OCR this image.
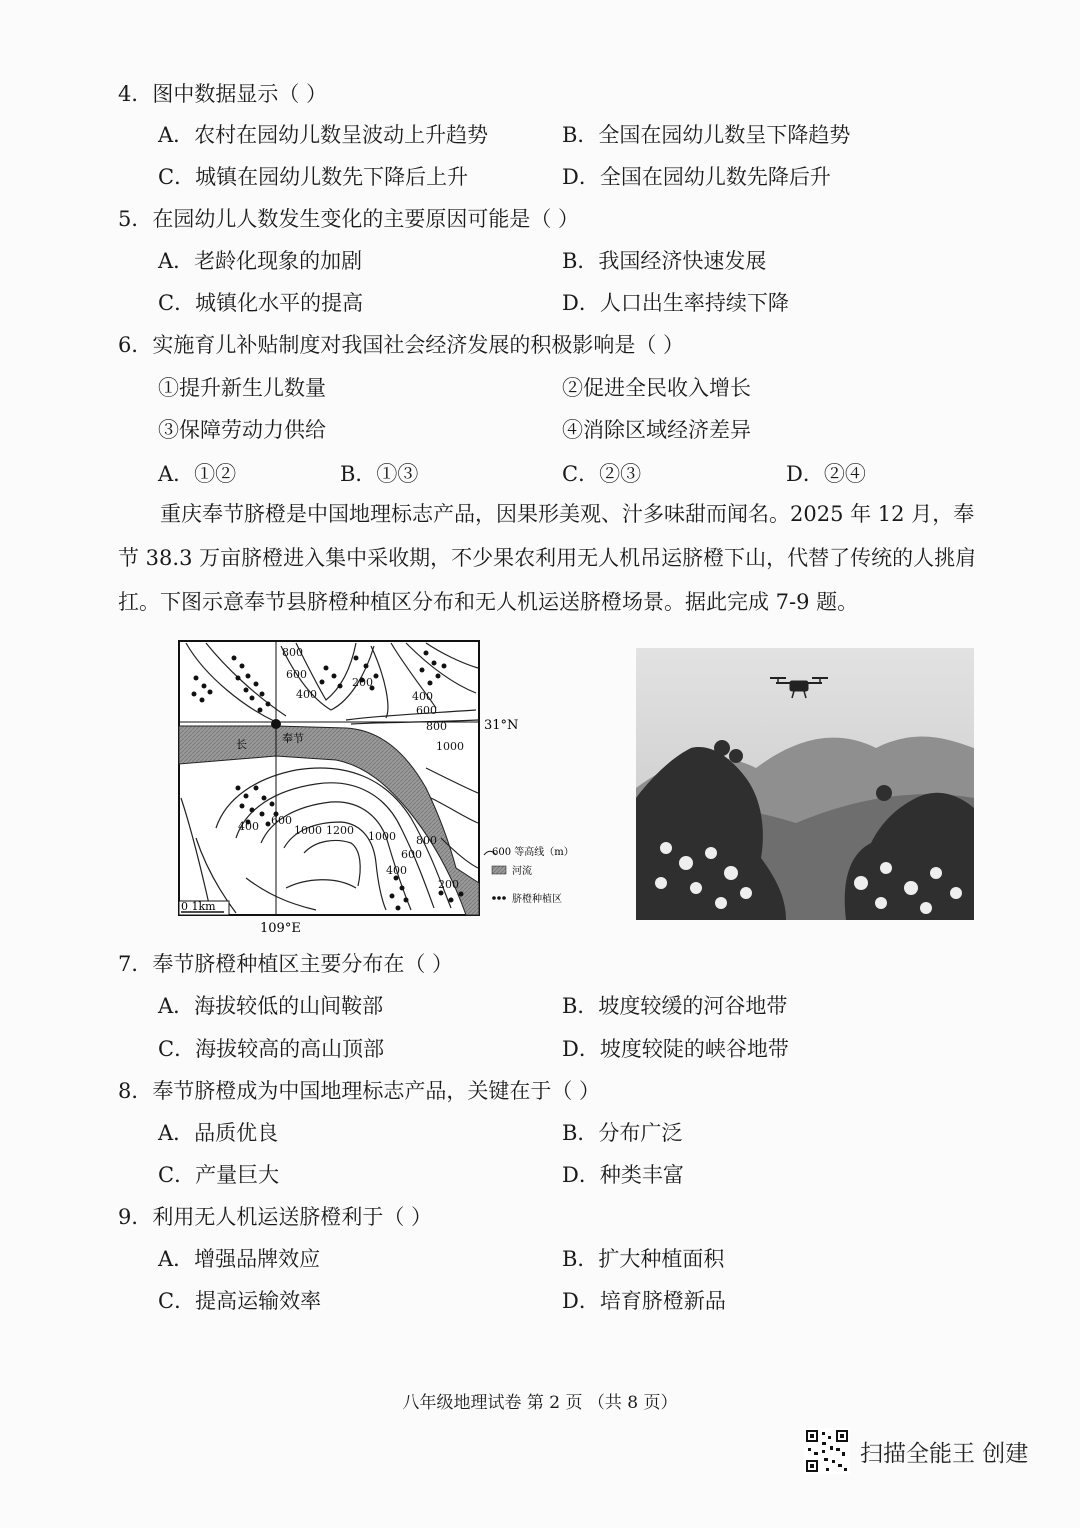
4．图中数据显示（ ）
A．农村在园幼儿数呈波动上升趋势	B．全国在园幼儿数呈下降趋势
C．城镇在园幼儿数先下降后上升	D．全国在园幼儿数先降后升
5．在园幼儿人数发生变化的主要原因可能是（ ）
A．老龄化现象的加剧	B．我国经济快速发展
C．城镇化水平的提高	D．人口出生率持续下降
6．实施育儿补贴制度对我国社会经济发展的积极影响是（ ）
①提升新生儿数量	②促进全民收入增长
③保障劳动力供给	④消除区域经济差异
A．①②	B．①③	C．②③	D．②④
重庆奉节脐橙是中国地理标志产品，因果形美观、汁多味甜而闻名。2025 年 12 月，奉节 38.3 万亩脐橙进入集中采收期，不少果农利用无人机吊运脐橙下山，代替了传统的人挑肩扛。下图示意奉节县脐橙种植区分布和无人机运送脐橙场景。据此完成 7-9 题。
800
600
400
200
400
600
800
1000
400 600
1000 1200 1000 800
600
400
200
长	奉节
31°N
109°E
0 1km
600 等高线（m）
河流
脐橙种植区
7．奉节脐橙种植区主要分布在（ ）
A．海拔较低的山间鞍部	B．坡度较缓的河谷地带
C．海拔较高的高山顶部	D．坡度较陡的峡谷地带
8．奉节脐橙成为中国地理标志产品，关键在于（ ）
A．品质优良	B．分布广泛
C．产量巨大	D．种类丰富
9．利用无人机运送脐橙利于（ ）
A．增强品牌效应	B．扩大种植面积
C．提高运输效率	D．培育脐橙新品
八年级地理试卷 第 2 页 （共 8 页）
扫描全能王 创建
